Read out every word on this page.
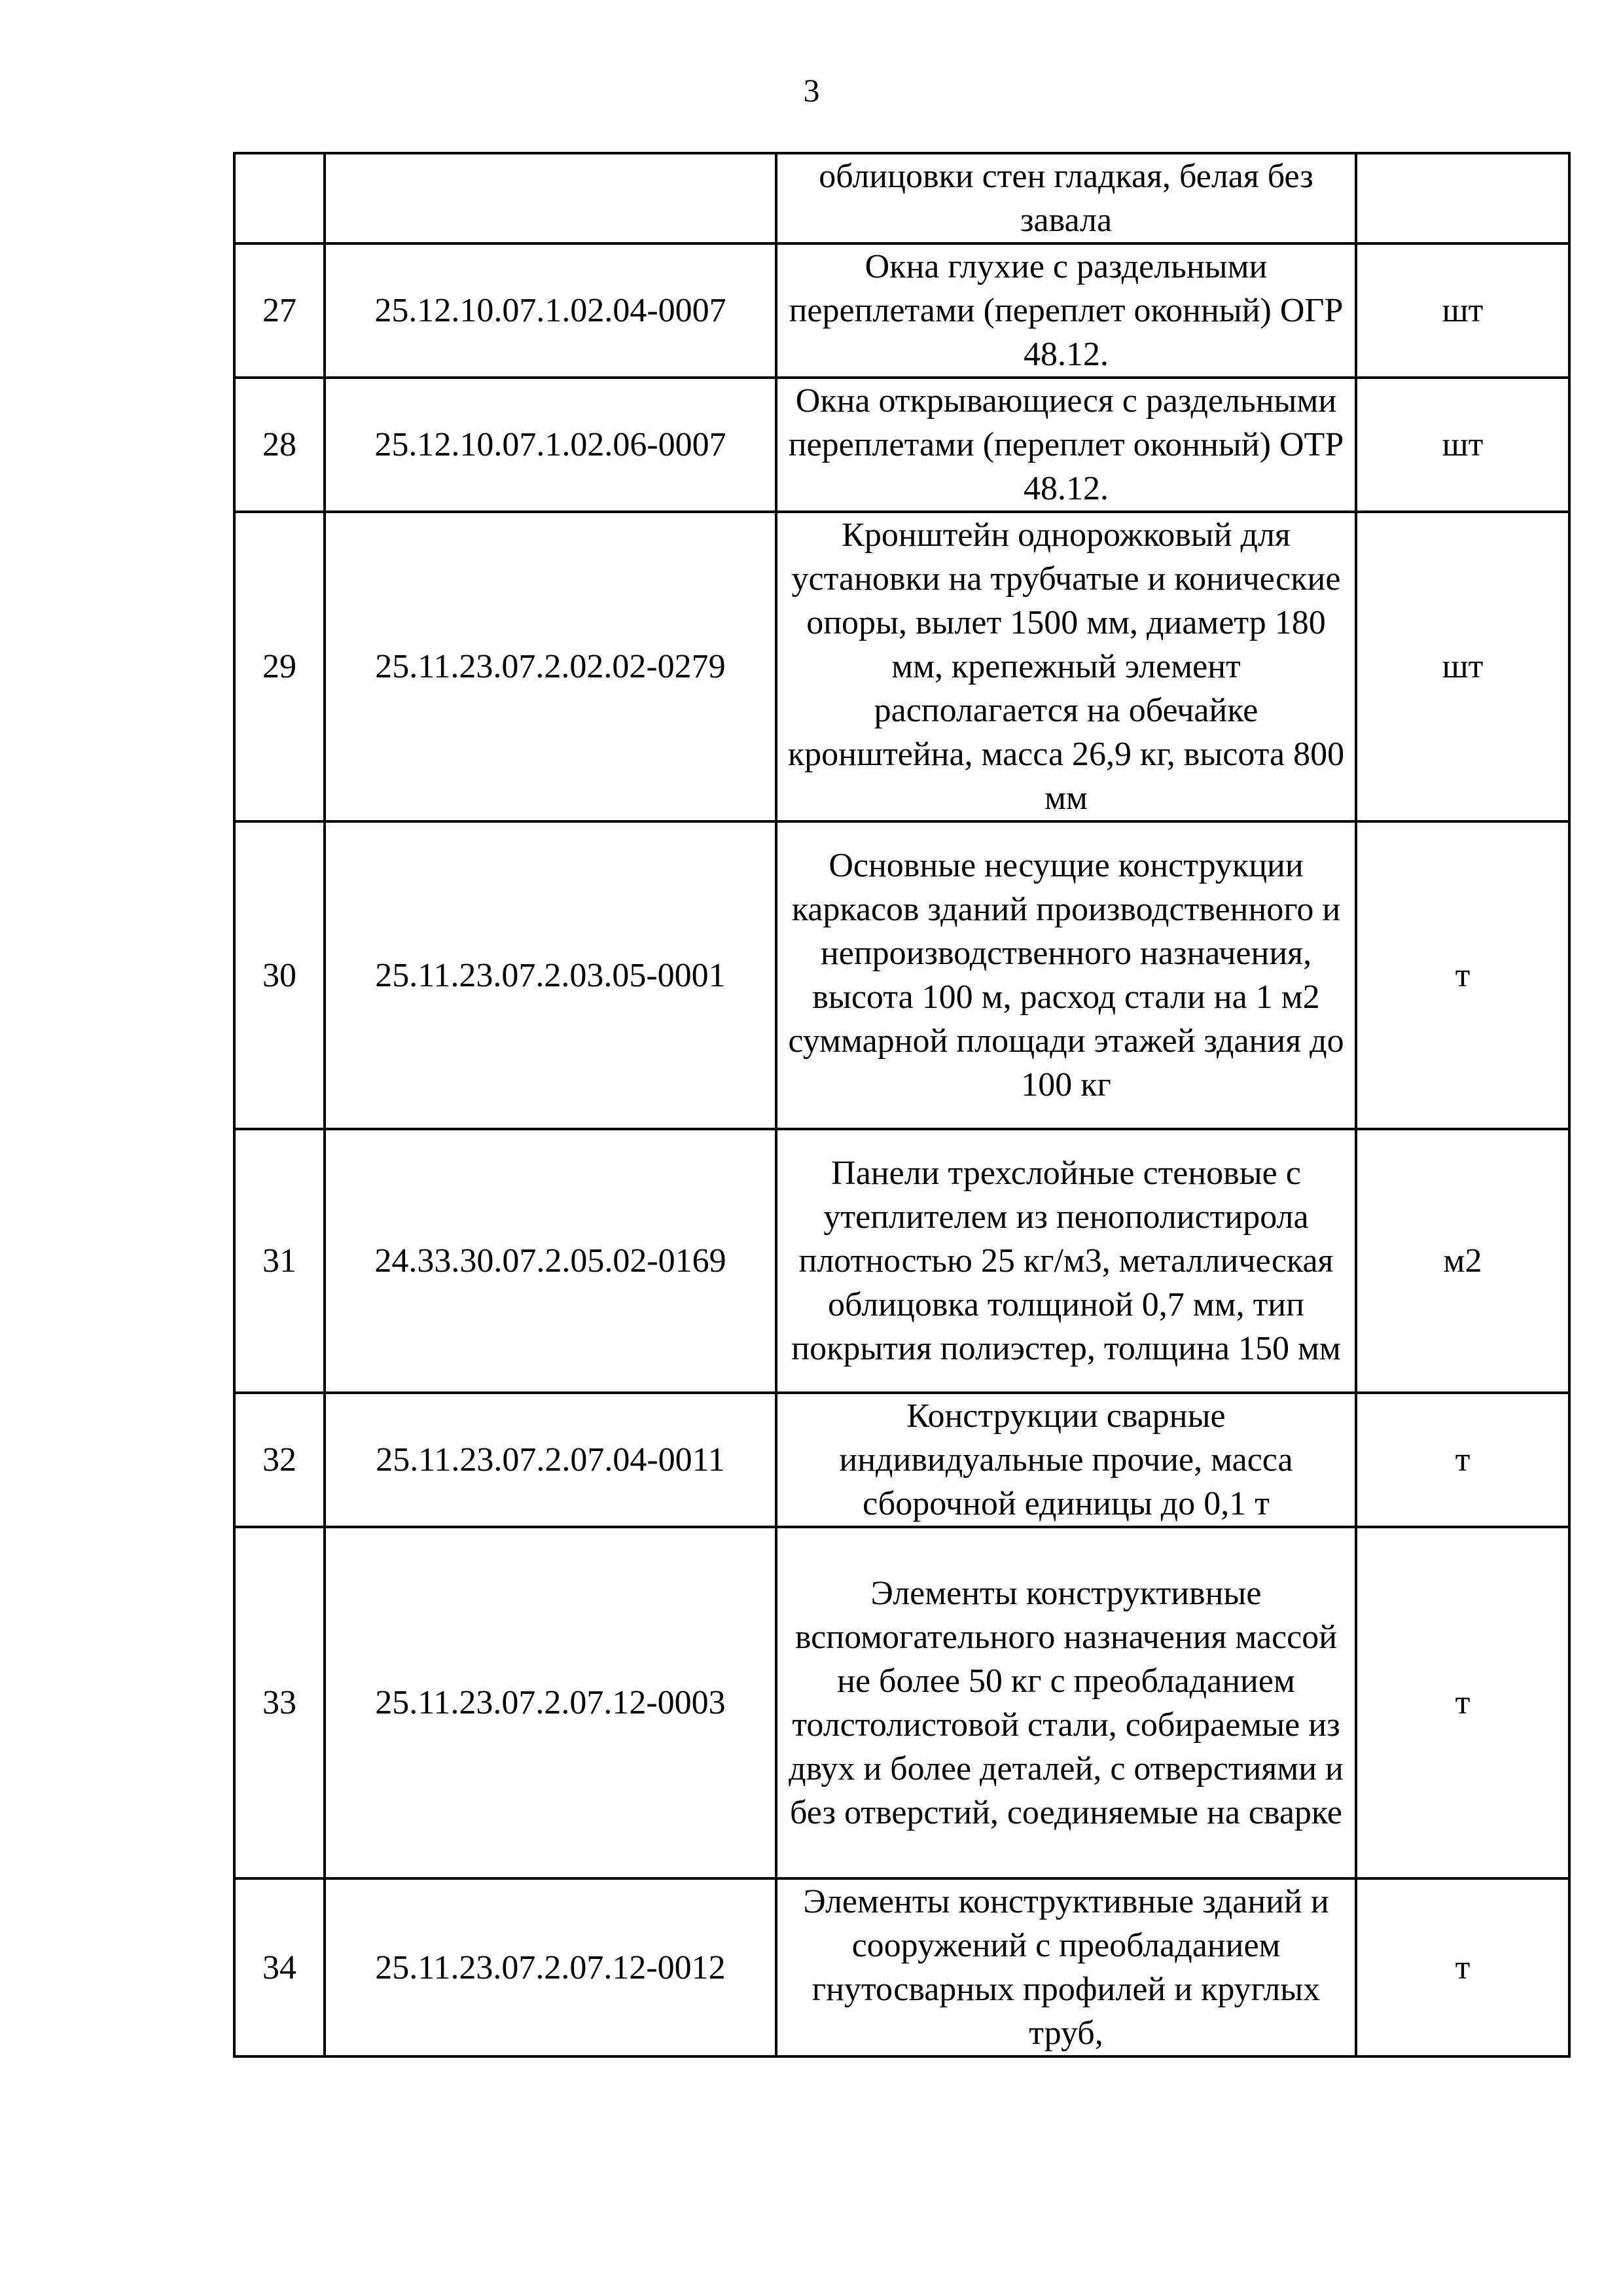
3
		облицовки стен гладкая, белая без завала	
27	25.12.10.07.1.02.04-0007	Окна глухие с раздельными переплетами (переплет оконный) ОГР 48.12.	шт
28	25.12.10.07.1.02.06-0007	Окна открывающиеся с раздельными переплетами (переплет оконный) ОТР 48.12.	шт
29	25.11.23.07.2.02.02-0279	Кронштейн однорожковый для установки на трубчатые и конические опоры, вылет 1500 мм, диаметр 180 мм, крепежный элемент располагается на обечайке кронштейна, масса 26,9 кг, высота 800 мм	шт
30	25.11.23.07.2.03.05-0001	Основные несущие конструкции каркасов зданий производственного и непроизводственного назначения, высота 100 м, расход стали на 1 м2 суммарной площади этажей здания до 100 кг	т
31	24.33.30.07.2.05.02-0169	Панели трехслойные стеновые с утеплителем из пенополистирола плотностью 25 кг/м3, металлическая облицовка толщиной 0,7 мм, тип покрытия полиэстер, толщина 150 мм	м2
32	25.11.23.07.2.07.04-0011	Конструкции сварные индивидуальные прочие, масса сборочной единицы до 0,1 т	т
33	25.11.23.07.2.07.12-0003	Элементы конструктивные вспомогательного назначения массой не более 50 кг с преобладанием толстолистовой стали, собираемые из двух и более деталей, с отверстиями и без отверстий, соединяемые на сварке	т
34	25.11.23.07.2.07.12-0012	Элементы конструктивные зданий и сооружений с преобладанием гнутосварных профилей и круглых труб,	т
